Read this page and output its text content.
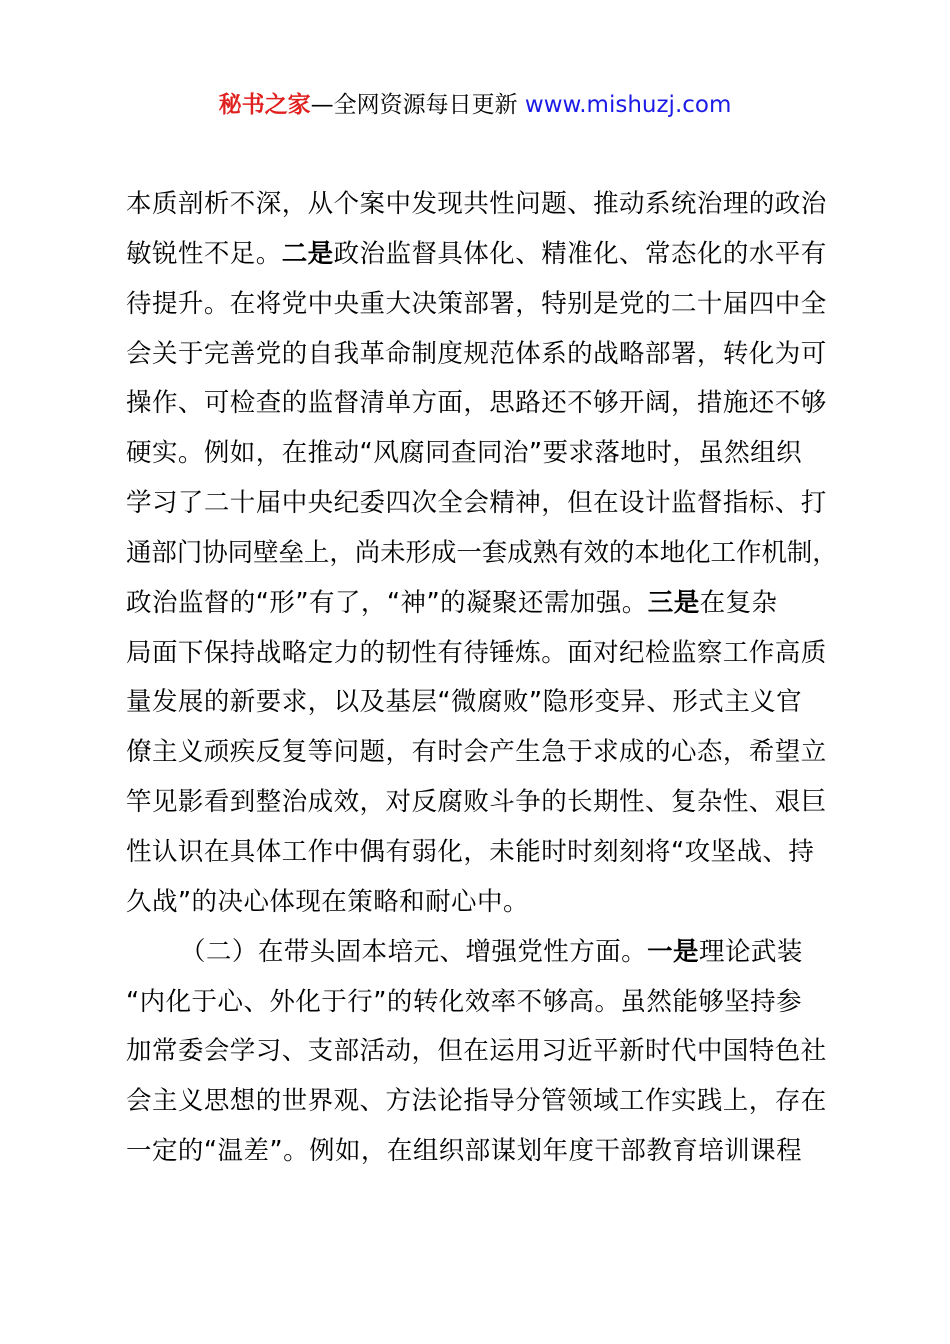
秘书之家—全网资源每日更新 www.mishuzj.com
本质剖析不深，从个案中发现共性问题、推动系统治理的政治
敏锐性不足。二是政治监督具体化、精准化、常态化的水平有
待提升。在将党中央重大决策部署，特别是党的二十届四中全
会关于完善党的自我革命制度规范体系的战略部署，转化为可
操作、可检查的监督清单方面，思路还不够开阔，措施还不够
硬实。例如，在推动“风腐同查同治”要求落地时，虽然组织
学习了二十届中央纪委四次全会精神，但在设计监督指标、打
通部门协同壁垒上，尚未形成一套成熟有效的本地化工作机制，
政治监督的“形”有了，“神”的凝聚还需加强。三是在复杂
局面下保持战略定力的韧性有待锤炼。面对纪检监察工作高质
量发展的新要求，以及基层“微腐败”隐形变异、形式主义官
僚主义顽疾反复等问题，有时会产生急于求成的心态，希望立
竿见影看到整治成效，对反腐败斗争的长期性、复杂性、艰巨
性认识在具体工作中偶有弱化，未能时时刻刻将“攻坚战、持
久战”的决心体现在策略和耐心中。
（二）在带头固本培元、增强党性方面。一是理论武装
“内化于心、外化于行”的转化效率不够高。虽然能够坚持参
加常委会学习、支部活动，但在运用习近平新时代中国特色社
会主义思想的世界观、方法论指导分管领域工作实践上，存在
一定的“温差”。例如，在组织部谋划年度干部教育培训课程
